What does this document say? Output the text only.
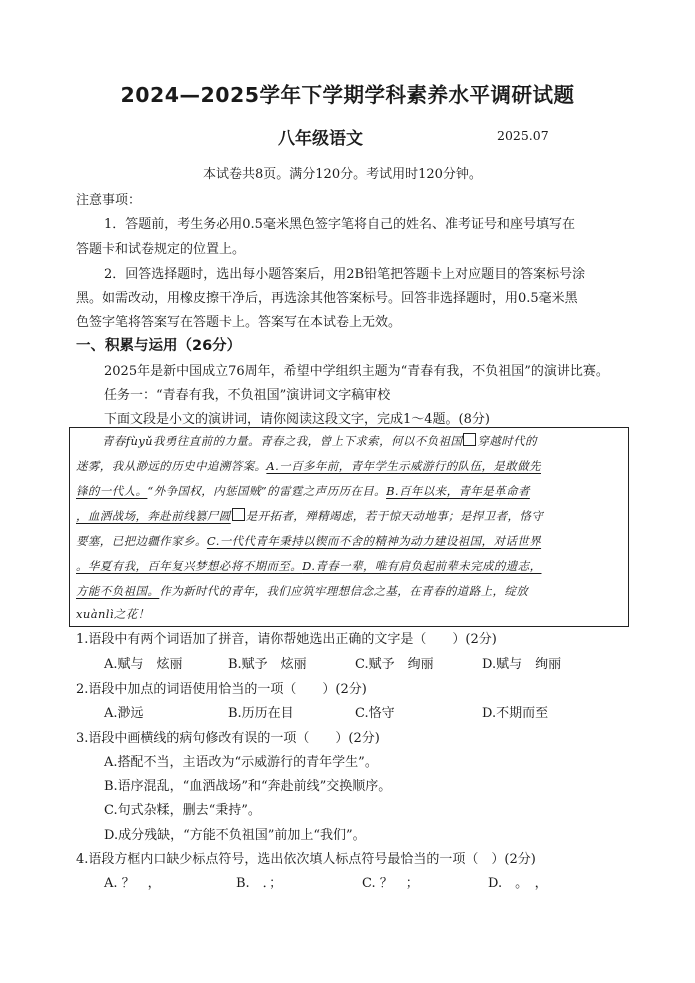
2024—2025学年下学期学科素养水平调研试题
八年级语文	2025.07
本试卷共8页。满分120分。考试用时120分钟。
注意事项：
1．答题前，考生务必用0.5毫米黑色签字笔将自己的姓名、准考证号和座号填写在
答题卡和试卷规定的位置上。
2．回答选择题时，选出每小题答案后，用2B铅笔把答题卡上对应题目的答案标号涂
黑。如需改动，用橡皮擦干净后，再选涂其他答案标号。回答非选择题时，用0.5毫米黑
色签字笔将答案写在答题卡上。答案写在本试卷上无效。
一、积累与运用（26分）
2025年是新中国成立76周年，希望中学组织主题为“青春有我，不负祖国”的演讲比赛。
任务一：“青春有我，不负祖国”演讲词文字稿审校
下面文段是小文的演讲词，请你阅读这段文字，完成1～4题。(8分)
青春fùyǔ我勇往直前的力量。青春之我，曾上下求索，何以不负祖国 穿越时代的
迷雾，我从渺远的历史中追溯答案。A.一百多年前，青年学生示威游行的队伍，是敢做先
锋的一代人。“外争国权，内惩国贼”的雷霆之声历历在目。B.百年以来，青年是革命者
，血洒战场，奔赴前线篡尸圆 是开拓者，殚精竭虑，若于惊天动地事；是捍卫者，恪守
要塞，已把边疆作家乡。C.一代代青年秉持以锲而不舍的精神为动力建设祖国，对话世界
。华夏有我，百年复兴梦想必将不期而至。D.青春一辈，唯有肩负起前辈未完成的遗志，
方能不负祖国。作为新时代的青年，我们应筑牢理想信念之基，在青春的道路上，绽放
xuànlì之花！
1.语段中有两个词语加了拼音，请你帮她选出正确的文字是（　　）(2分)
A.赋与　炫丽	B.赋予　炫丽	C.赋予　绚丽	D.赋与　绚丽
2.语段中加点的词语使用恰当的一项（　　）(2分)
A.渺远	B.历历在目	C.恪守	D.不期而至
3.语段中画横线的病句修改有误的一项（　　）(2分)
A.搭配不当，主语改为“示威游行的青年学生”。
B.语序混乱，“血洒战场”和“奔赴前线”交换顺序。
C.句式杂糅，删去“秉持”。
D.成分残缺，“方能不负祖国”前加上“我们”。
4.语段方框内口缺少标点符号，选出依次填人标点符号最恰当的一项（　）(2分)
A. ？　，	B.　．；	C. ？　；	D.　。　，
